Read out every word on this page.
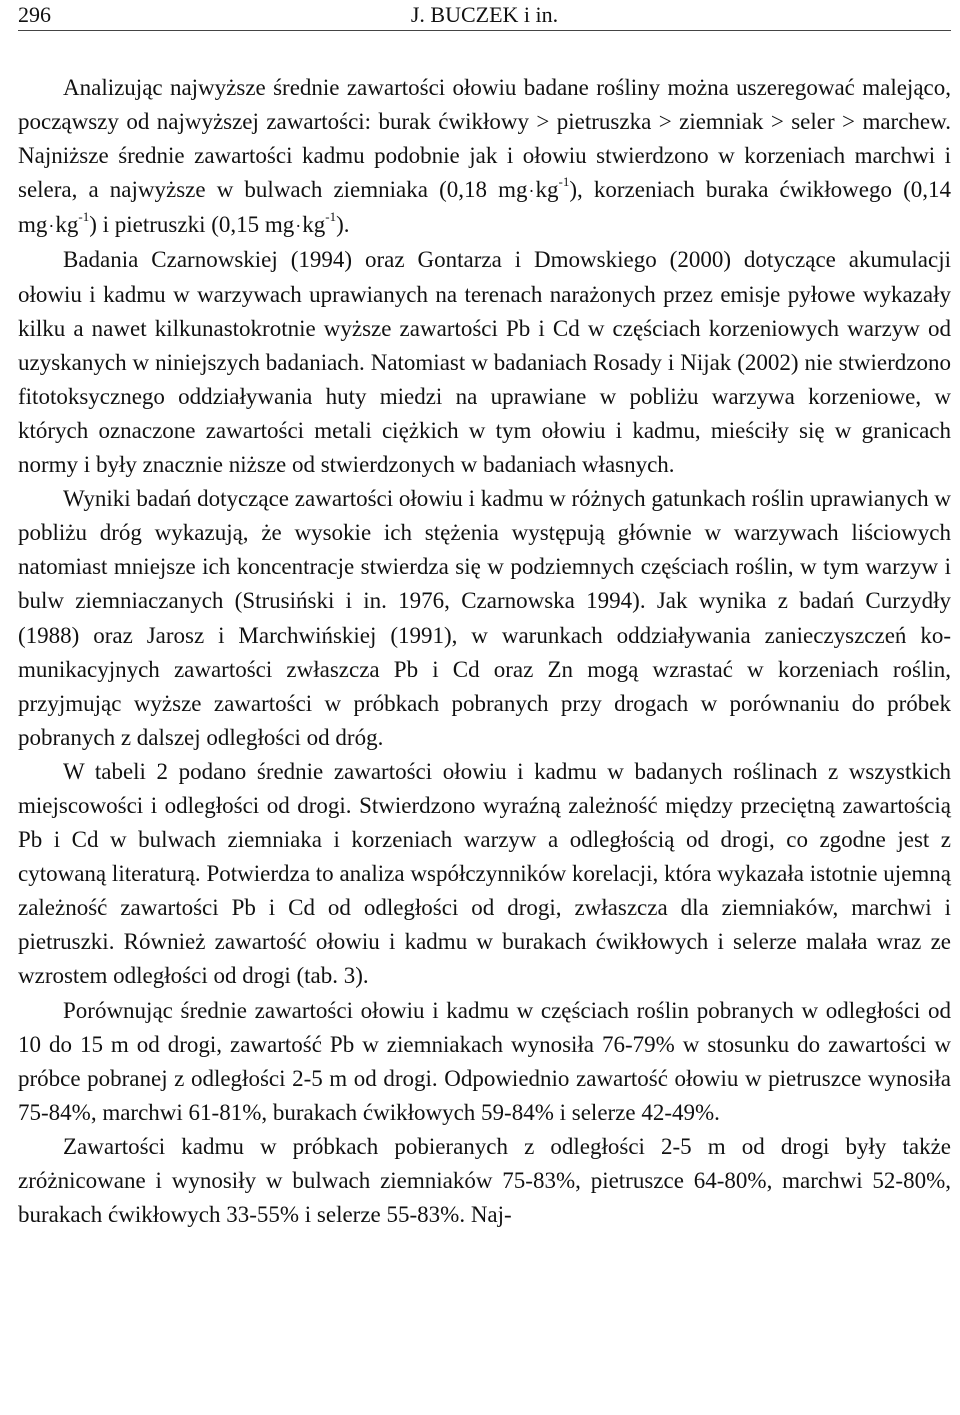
296	J. BUCZEK i in.

Analizując najwyższe średnie zawartości ołowiu badane rośliny można uszeregować malejąco, począwszy od najwyższej zawartości: burak ćwikłowy > pietruszka > ziemniak > seler > marchew. Najniższe średnie zawartości kadmu podobnie jak i ołowiu stwierdzono w korzeniach marchwi i selera, a najwyższe w bulwach ziemniaka (0,18 $mg\cdot kg^{-1}$), korzeniach buraka ćwikłowego (0,14 $mg\cdot kg^{-1}$) i pietruszki (0,15 $mg\cdot kg^{-1}$).

Badania Czarnowskiej (1994) oraz Gontarza i Dmowskiego (2000) dotyczące akumulacji ołowiu i kadmu w warzywach uprawianych na terenach narażonych przez emisje pyłowe wykazały kilku a nawet kilkunastokrotnie wyższe zawartości Pb i Cd w częściach korzeniowych warzyw od uzyskanych w niniejszych badaniach. Natomiast w badaniach Rosady i Nijak (2002) nie stwierdzono fitotoksycznego oddziaływania huty miedzi na uprawiane w pobliżu warzywa korzeniowe, w których oznaczone zawartości metali ciężkich w tym ołowiu i kadmu, mieściły się w granicach normy i były znacznie niższe od stwierdzonych w badaniach własnych.

Wyniki badań dotyczące zawartości ołowiu i kadmu w różnych gatunkach roślin uprawianych w pobliżu dróg wykazują, że wysokie ich stężenia występują głównie w warzywach liściowych natomiast mniejsze ich koncentracje stwierdza się w podziemnych częściach roślin, w tym warzyw i bulw ziemniaczanych (Strusiński i in. 1976, Czarnowska 1994). Jak wynika z badań Curzydły (1988) oraz Jarosz i Marchwińskiej (1991), w warunkach oddziaływania zanieczyszczeń komunikacyjnych zawartości zwłaszcza Pb i Cd oraz Zn mogą wzrastać w korzeniach roślin, przyjmując wyższe zawartości w próbkach pobranych przy drogach w porównaniu do próbek pobranych z dalszej odległości od dróg.

W tabeli 2 podano średnie zawartości ołowiu i kadmu w badanych roślinach z wszystkich miejscowości i odległości od drogi. Stwierdzono wyraźną zależność między przeciętną zawartością Pb i Cd w bulwach ziemniaka i korzeniach warzyw a odległością od drogi, co zgodne jest z cytowaną literaturą. Potwierdza to analiza współczynników korelacji, która wykazała istotnie ujemną zależność zawartości Pb i Cd od odległości od drogi, zwłaszcza dla ziemniaków, marchwi i pietruszki. Również zawartość ołowiu i kadmu w burakach ćwikłowych i selerze malała wraz ze wzrostem odległości od drogi (tab. 3).

Porównując średnie zawartości ołowiu i kadmu w częściach roślin pobranych w odległości od 10 do 15 m od drogi, zawartość Pb w ziemniakach wynosiła 76-79% w stosunku do zawartości w próbce pobranej z odległości 2-5 m od drogi. Odpowiednio zawartość ołowiu w pietruszce wynosiła 75-84%, marchwi 61-81%, burakach ćwikłowych 59-84% i selerze 42-49%.

Zawartości kadmu w próbkach pobieranych z odległości 2-5 m od drogi były także zróżnicowane i wynosiły w bulwach ziemniaków 75-83%, pietruszce 64-80%, marchwi 52-80%, burakach ćwikłowych 33-55% i selerze 55-83%. Naj-
